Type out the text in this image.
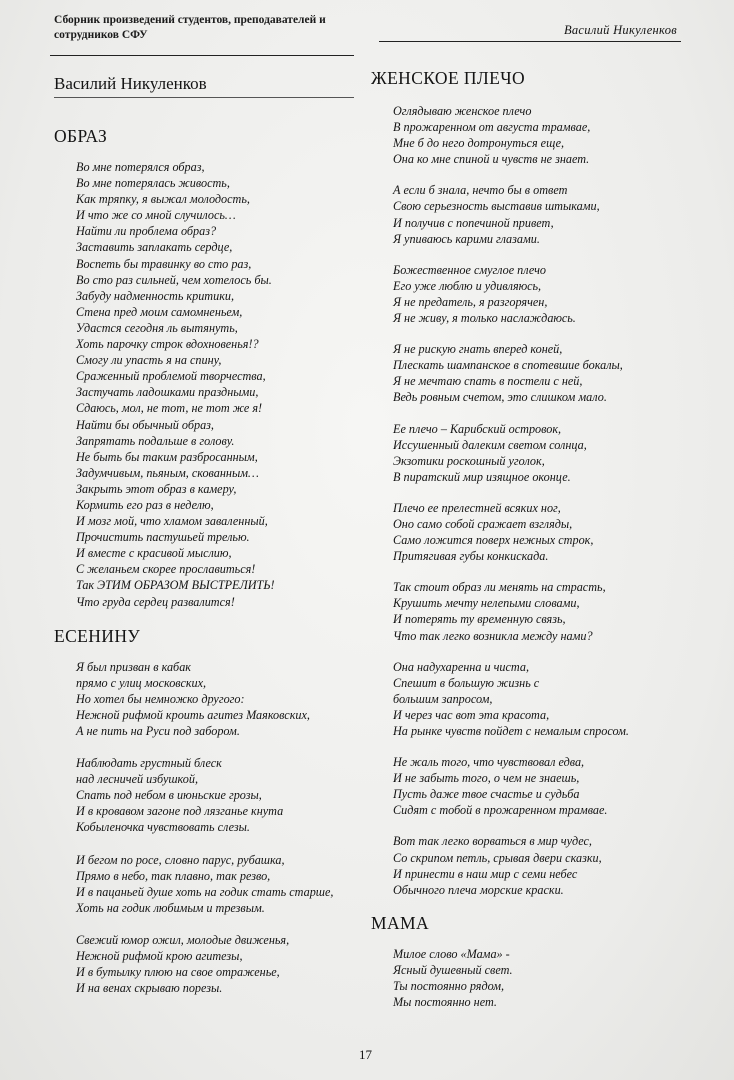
Сборник произведений студентов, преподавателей и сотрудников СФУ	Василий Никуленков
Василий Никуленков
ОБРАЗ
Во мне потерялся образ,
Во мне потерялась живость,
Как тряпку, я выжал молодость,
И что же со мной случилось…
Найти ли проблема образ?
Заставить заплакать сердце,
Воспеть бы травинку во сто раз,
Во сто раз сильней, чем хотелось бы.
Забуду надменность критики,
Стена пред моим самомненьем,
Удастся сегодня ль вытянуть,
Хоть парочку строк вдохновенья!?
Смогу ли упасть я на спину,
Сраженный проблемой творчества,
Застучать ладошками праздными,
Сдаюсь, мол, не тот, не тот же я!
Найти бы обычный образ,
Запрятать подальше в голову.
Не быть бы таким разбросанным,
Задумчивым, пьяным, скованным…
Закрыть этот образ в камеру,
Кормить его раз в неделю,
И мозг мой, что хламом заваленный,
Прочистить пастушьей трелью.
И вместе с красивой мыслию,
С желаньем скорее прославиться!
Так ЭТИМ ОБРАЗОМ ВЫСТРЕЛИТЬ!
Что груда сердец развалится!
ЕСЕНИНУ
Я был призван в кабак
прямо с улиц московских,
Но хотел бы немножко другого:
Нежной рифмой кроить агитез Маяковских,
А не пить на Руси под забором.
Наблюдать грустный блеск
над лесничей избушкой,
Спать под небом в июньские грозы,
И в кровавом загоне под лязганье кнута
Кобыленочка чувствовать слезы.
И бегом по росе, словно парус, рубашка,
Прямо в небо, так плавно, так резво,
И в пацаньей душе хоть на годик стать старше,
Хоть на годик любимым и трезвым.
Свежий юмор ожил, молодые движенья,
Нежной рифмой крою агитезы,
И в бутылку плюю на свое отраженье,
И на венах скрываю порезы.
ЖЕНСКОЕ ПЛЕЧО
Оглядываю женское плечо
В прожаренном от августа трамвае,
Мне б до него дотронуться еще,
Она ко мне спиной и чувств не знает.
А если б знала, нечто бы в ответ
Свою серьезность выставив штыками,
И получив с попечиной привет,
Я упиваюсь карими глазами.
Божественное смуглое плечо
Его уже люблю и удивляюсь,
Я не предатель, я разгорячен,
Я не живу, я только наслаждаюсь.
Я не рискую гнать вперед коней,
Плескать шампанское в спотевшие бокалы,
Я не мечтаю спать в постели с ней,
Ведь ровным счетом, это слишком мало.
Ее плечо – Карибский островок,
Иссушенный далеким светом солнца,
Экзотики роскошный уголок,
В пиратский мир изящное оконце.
Плечо ее прелестней всяких ног,
Оно само собой сражает взгляды,
Само ложится поверх нежных строк,
Притягивая губы конкискада.
Так стоит образ ли менять на страсть,
Крушить мечту нелепыми словами,
И потерять ту временную связь,
Что так легко возникла между нами?
Она надухаренна и чиста,
Спешит в большую жизнь с
большим запросом,
И через час вот эта красота,
На рынке чувств пойдет с немалым спросом.
Не жаль того, что чувствовал едва,
И не забыть того, о чем не знаешь,
Пусть даже твое счастье и судьба
Сидят с тобой в прожаренном трамвае.
Вот так легко ворваться в мир чудес,
Со скрипом петль, срывая двери сказки,
И принести в наш мир с семи небес
Обычного плеча морские краски.
МАМА
Милое слово «Мама» -
Ясный душевный свет.
Ты постоянно рядом,
Мы постоянно нет.
17
